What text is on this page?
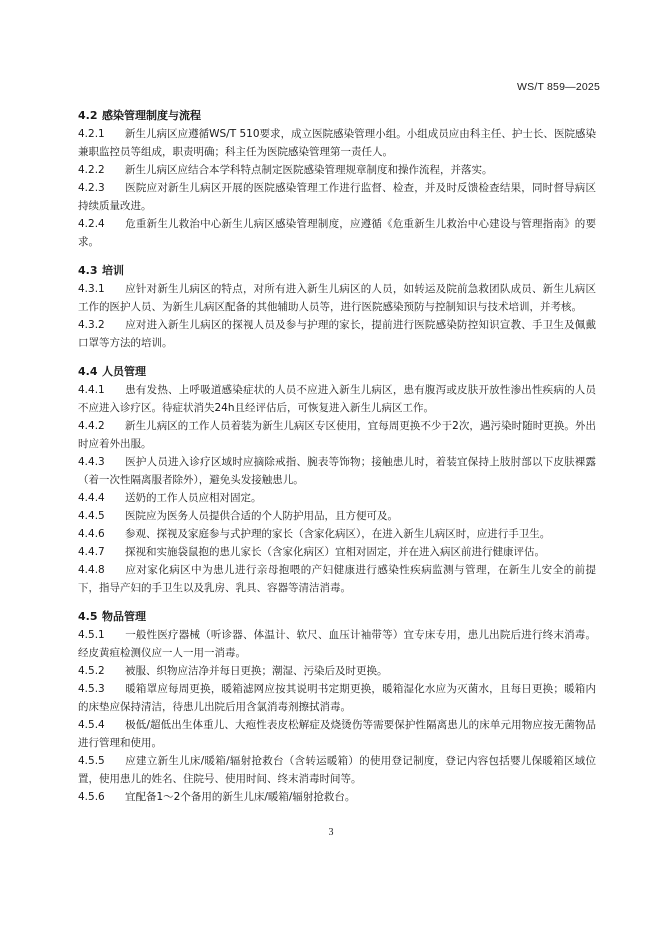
WS/T 859—2025
4.2 感染管理制度与流程
4.2.1 新生儿病区应遵循WS/T 510要求，成立医院感染管理小组。小组成员应由科主任、护士长、医院感染兼职监控员等组成，职责明确；科主任为医院感染管理第一责任人。
4.2.2 新生儿病区应结合本学科特点制定医院感染管理规章制度和操作流程，并落实。
4.2.3 医院应对新生儿病区开展的医院感染管理工作进行监督、检查，并及时反馈检查结果，同时督导病区持续质量改进。
4.2.4 危重新生儿救治中心新生儿病区感染管理制度，应遵循《危重新生儿救治中心建设与管理指南》的要求。
4.3 培训
4.3.1 应针对新生儿病区的特点，对所有进入新生儿病区的人员，如转运及院前急救团队成员、新生儿病区工作的医护人员、为新生儿病区配备的其他辅助人员等，进行医院感染预防与控制知识与技术培训，并考核。
4.3.2 应对进入新生儿病区的探视人员及参与护理的家长，提前进行医院感染防控知识宣教、手卫生及佩戴口罩等方法的培训。
4.4 人员管理
4.4.1 患有发热、上呼吸道感染症状的人员不应进入新生儿病区，患有腹泻或皮肤开放性渗出性疾病的人员不应进入诊疗区。待症状消失24h且经评估后，可恢复进入新生儿病区工作。
4.4.2 新生儿病区的工作人员着装为新生儿病区专区使用，宜每周更换不少于2次，遇污染时随时更换。外出时应着外出服。
4.4.3 医护人员进入诊疗区域时应摘除戒指、腕表等饰物；接触患儿时，着装宜保持上肢肘部以下皮肤裸露（着一次性隔离服者除外），避免头发接触患儿。
4.4.4 送奶的工作人员应相对固定。
4.4.5 医院应为医务人员提供合适的个人防护用品，且方便可及。
4.4.6 参观、探视及家庭参与式护理的家长（含家化病区），在进入新生儿病区时，应进行手卫生。
4.4.7 探视和实施袋鼠抱的患儿家长（含家化病区）宜相对固定，并在进入病区前进行健康评估。
4.4.8 应对家化病区中为患儿进行亲母抱喂的产妇健康进行感染性疾病监测与管理，在新生儿安全的前提下，指导产妇的手卫生以及乳房、乳具、容器等清洁消毒。
4.5 物品管理
4.5.1 一般性医疗器械（听诊器、体温计、软尺、血压计袖带等）宜专床专用，患儿出院后进行终末消毒。经皮黄疸检测仪应一人一用一消毒。
4.5.2 被服、织物应洁净并每日更换；潮湿、污染后及时更换。
4.5.3 暖箱罩应每周更换，暖箱滤网应按其说明书定期更换，暖箱湿化水应为灭菌水，且每日更换；暖箱内的床垫应保持清洁，待患儿出院后用含氯消毒剂擦拭消毒。
4.5.4 极低/超低出生体重儿、大疱性表皮松解症及烧烫伤等需要保护性隔离患儿的床单元用物应按无菌物品进行管理和使用。
4.5.5 应建立新生儿床/暖箱/辐射抢救台（含转运暖箱）的使用登记制度，登记内容包括婴儿保暖箱区域位置，使用患儿的姓名、住院号、使用时间、终末消毒时间等。
4.5.6 宜配备1～2个备用的新生儿床/暖箱/辐射抢救台。
3
